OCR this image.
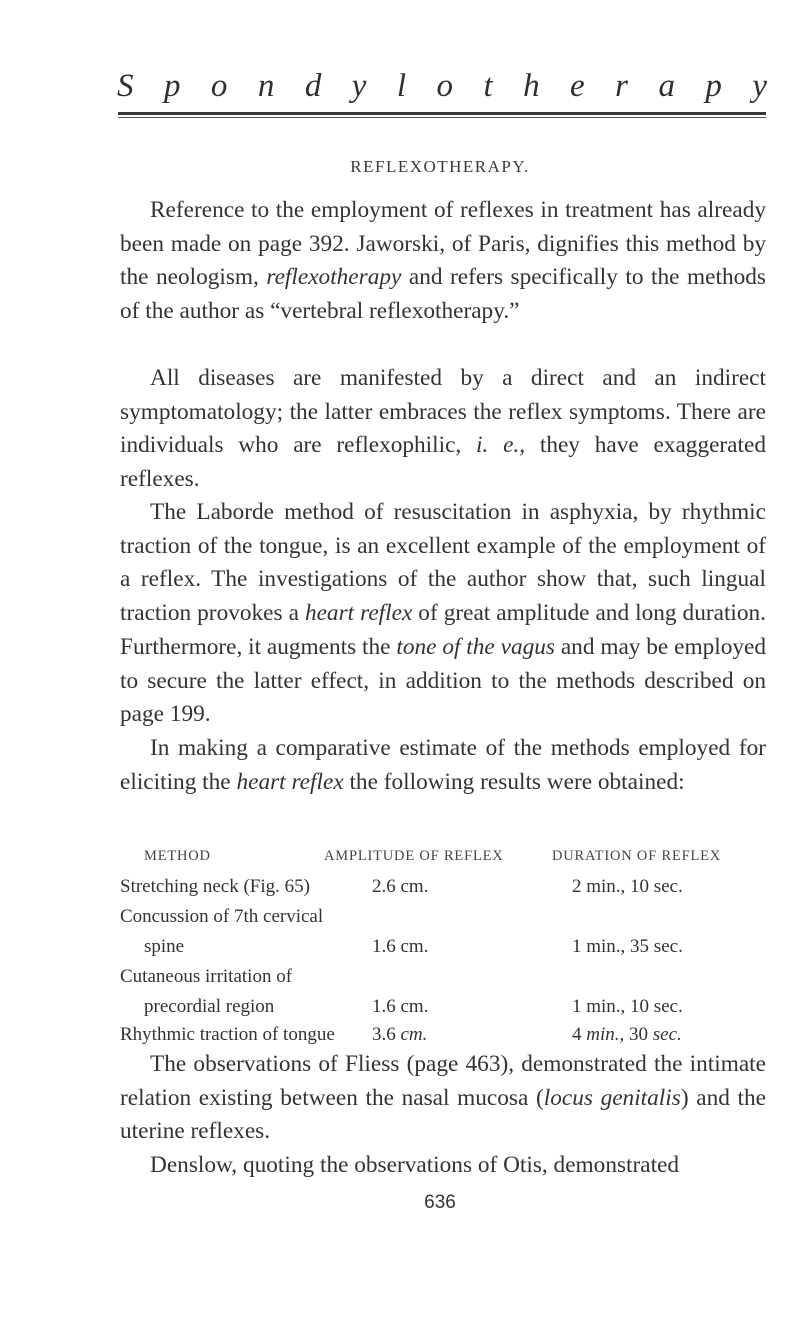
S p o n d y l o t h e r a p y
REFLEXOTHERAPY.

Reference to the employment of reflexes in treatment has already been made on page 392. Jaworski, of Paris, dignifies this method by the neologism, reflexotherapy and refers specifically to the methods of the author as “vertebral reflexotherapy.”

All diseases are manifested by a direct and an indirect symptomatology; the latter embraces the reflex symptoms. There are individuals who are reflexophilic, i. e., they have exaggerated reflexes.

The Laborde method of resuscitation in asphyxia, by rhythmic traction of the tongue, is an excellent example of the employment of a reflex. The investigations of the author show that, such lingual traction provokes a heart reflex of great amplitude and long duration. Furthermore, it augments the tone of the vagus and may be employed to secure the latter effect, in addition to the methods described on page 199.

In making a comparative estimate of the methods employed for eliciting the heart reflex the following results were obtained:

METHOD	AMPLITUDE OF REFLEX	DURATION OF REFLEX
Stretching neck (Fig. 65)	2.6 cm.	2 min., 10 sec.
Concussion of 7th cervical
spine	1.6 cm.	1 min., 35 sec.
Cutaneous irritation of
precordial region	1.6 cm.	1 min., 10 sec.
Rhythmic traction of tongue 3.6 cm.	4 min., 30 sec.

The observations of Fliess (page 463), demonstrated the intimate relation existing between the nasal mucosa (locus genitalis) and the uterine reflexes.

Denslow, quoting the observations of Otis, demonstrated

636
